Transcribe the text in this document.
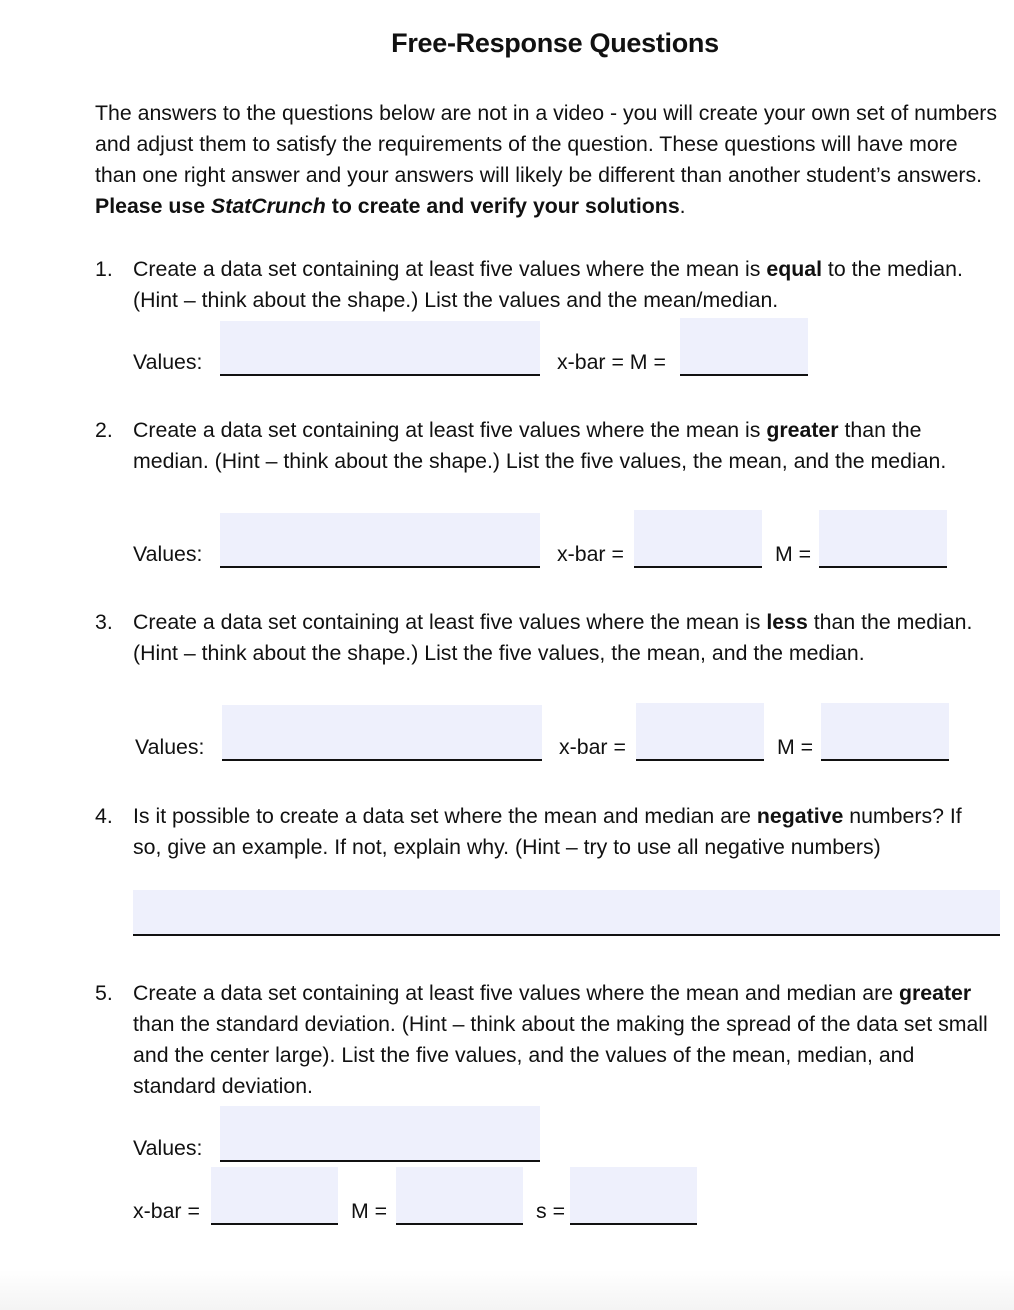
Free-Response Questions
The answers to the questions below are not in a video - you will create your own set of numbers and adjust them to satisfy the requirements of the question. These questions will have more than one right answer and your answers will likely be different than another student’s answers. Please use StatCrunch to create and verify your solutions.
1. Create a data set containing at least five values where the mean is equal to the median. (Hint – think about the shape.) List the values and the mean/median.
Values:	x-bar = M =
2. Create a data set containing at least five values where the mean is greater than the median. (Hint – think about the shape.) List the five values, the mean, and the median.
Values:	x-bar =	M =
3. Create a data set containing at least five values where the mean is less than the median. (Hint – think about the shape.) List the five values, the mean, and the median.
Values:	x-bar =	M =
4. Is it possible to create a data set where the mean and median are negative numbers? If so, give an example. If not, explain why. (Hint – try to use all negative numbers)
5. Create a data set containing at least five values where the mean and median are greater than the standard deviation. (Hint – think about the making the spread of the data set small and the center large). List the five values, and the values of the mean, median, and standard deviation.
Values:
x-bar =	M =	s =
